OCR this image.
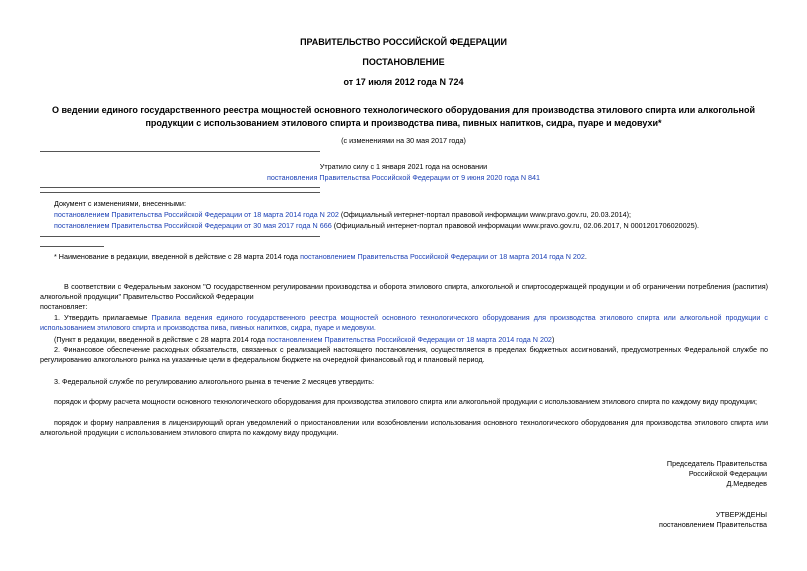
ПРАВИТЕЛЬСТВО РОССИЙСКОЙ ФЕДЕРАЦИИ
ПОСТАНОВЛЕНИЕ
от 17 июля 2012 года N 724
О ведении единого государственного реестра мощностей основного технологического оборудования для производства этилового спирта или алкогольной
продукции с использованием этилового спирта и производства пива, пивных напитков, сидра, пуаре и медовухи*
(с изменениями на 30 мая 2017 года)
Утратило силу с 1 января 2021 года на основании
постановления Правительства Российской Федерации от 9 июня 2020 года N 841
Документ с изменениями, внесенными:
постановлением Правительства Российской Федерации от 18 марта 2014 года N 202 (Официальный интернет-портал правовой информации www.pravo.gov.ru, 20.03.2014);
постановлением Правительства Российской Федерации от 30 мая 2017 года N 666 (Официальный интернет-портал правовой информации www.pravo.gov.ru, 02.06.2017, N 0001201706020025).
* Наименование в редакции, введенной в действие с 28 марта 2014 года постановлением Правительства Российской Федерации от 18 марта 2014 года N 202.
В соответствии с Федеральным законом "О государственном регулировании производства и оборота этилового спирта, алкогольной и спиртосодержащей продукции и об ограничении потребления (распития) алкогольной продукции" Правительство Российской Федерации
постановляет:
1. Утвердить прилагаемые Правила ведения единого государственного реестра мощностей основного технологического оборудования для производства этилового спирта или алкогольной продукции с использованием этилового спирта и производства пива, пивных напитков, сидра, пуаре и медовухи.
(Пункт в редакции, введенной в действие с 28 марта 2014 года постановлением Правительства Российской Федерации от 18 марта 2014 года N 202)
2. Финансовое обеспечение расходных обязательств, связанных с реализацией настоящего постановления, осуществляется в пределах бюджетных ассигнований, предусмотренных Федеральной службе по регулированию алкогольного рынка на указанные цели в федеральном бюджете на очередной финансовый год и плановый период.
3. Федеральной службе по регулированию алкогольного рынка в течение 2 месяцев утвердить:
порядок и форму расчета мощности основного технологического оборудования для производства этилового спирта или алкогольной продукции с использованием этилового спирта по каждому виду продукции;
порядок и форму направления в лицензирующий орган уведомлений о приостановлении или возобновлении использования основного технологического оборудования для производства этилового спирта или алкогольной продукции с использованием этилового спирта по каждому виду продукции.
Председатель Правительства
Российской Федерации
Д.Медведев
УТВЕРЖДЕНЫ
постановлением Правительства
